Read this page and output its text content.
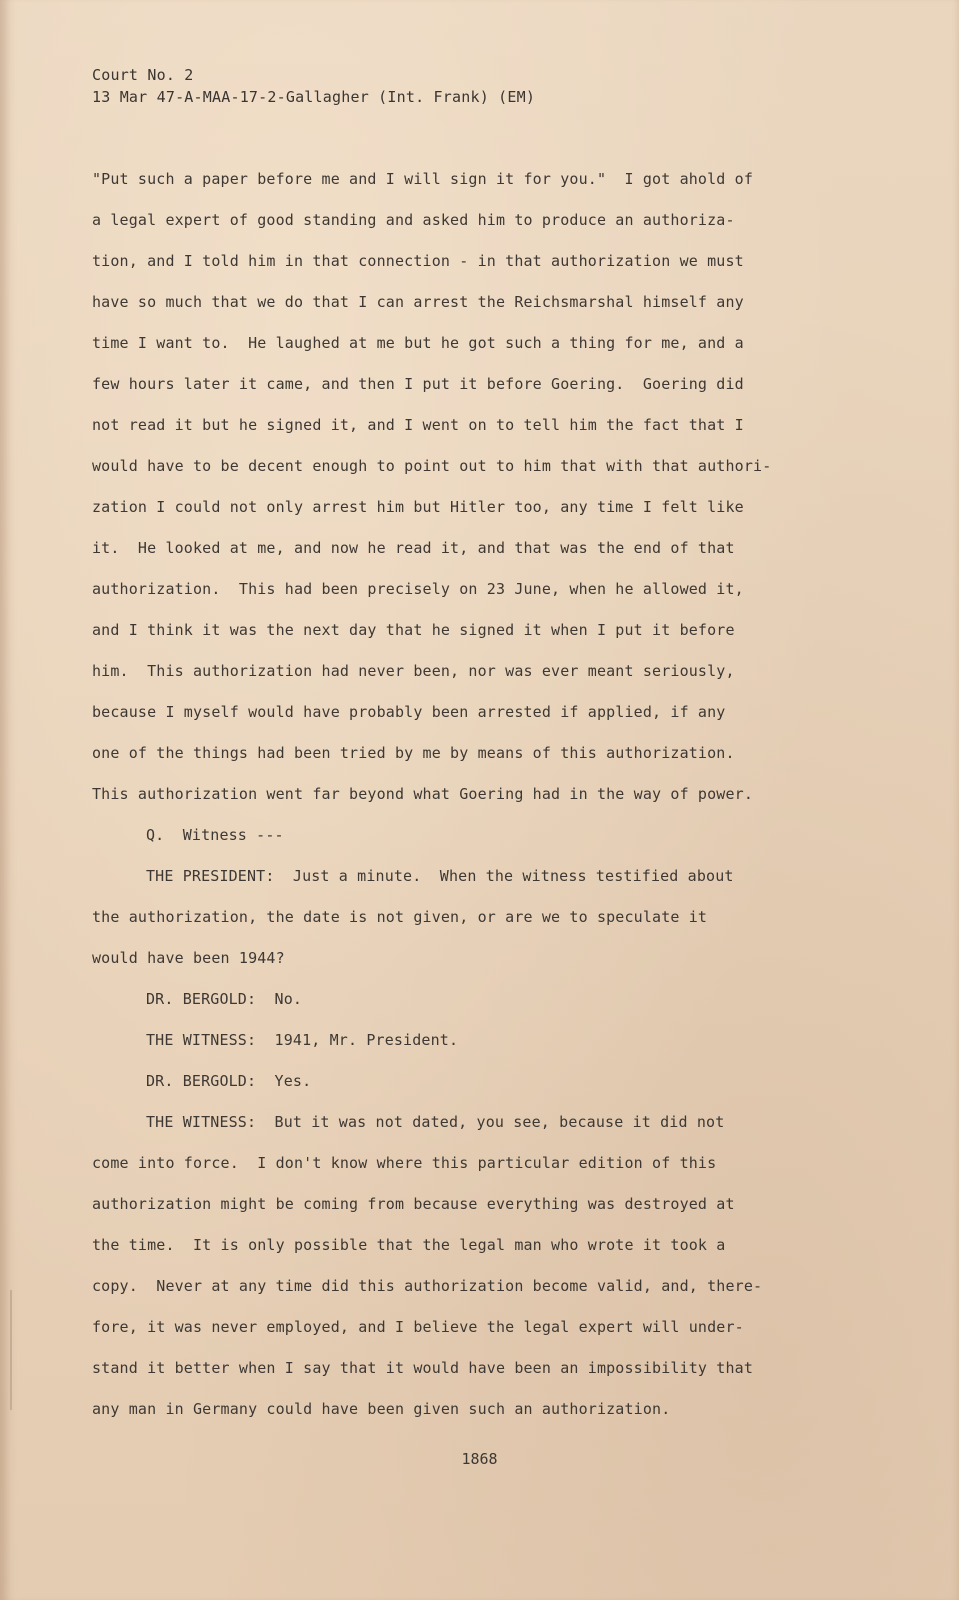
Court No. 2
13 Mar 47-A-MAA-17-2-Gallagher (Int. Frank) (EM)
"Put such a paper before me and I will sign it for you."  I got ahold of
a legal expert of good standing and asked him to produce an authoriza-
tion, and I told him in that connection - in that authorization we must
have so much that we do that I can arrest the Reichsmarshal himself any
time I want to.  He laughed at me but he got such a thing for me, and a
few hours later it came, and then I put it before Goering.  Goering did
not read it but he signed it, and I went on to tell him the fact that I
would have to be decent enough to point out to him that with that authori-
zation I could not only arrest him but Hitler too, any time I felt like
it.  He looked at me, and now he read it, and that was the end of that
authorization.  This had been precisely on 23 June, when he allowed it,
and I think it was the next day that he signed it when I put it before
him.  This authorization had never been, nor was ever meant seriously,
because I myself would have probably been arrested if applied, if any
one of the things had been tried by me by means of this authorization.
This authorization went far beyond what Goering had in the way of power.
Q.  Witness ---
THE PRESIDENT:  Just a minute.  When the witness testified about
the authorization, the date is not given, or are we to speculate it
would have been 1944?
DR. BERGOLD:  No.
THE WITNESS:  1941, Mr. President.
DR. BERGOLD:  Yes.
THE WITNESS:  But it was not dated, you see, because it did not
come into force.  I don't know where this particular edition of this
authorization might be coming from because everything was destroyed at
the time.  It is only possible that the legal man who wrote it took a
copy.  Never at any time did this authorization become valid, and, there-
fore, it was never employed, and I believe the legal expert will under-
stand it better when I say that it would have been an impossibility that
any man in Germany could have been given such an authorization.
1868
